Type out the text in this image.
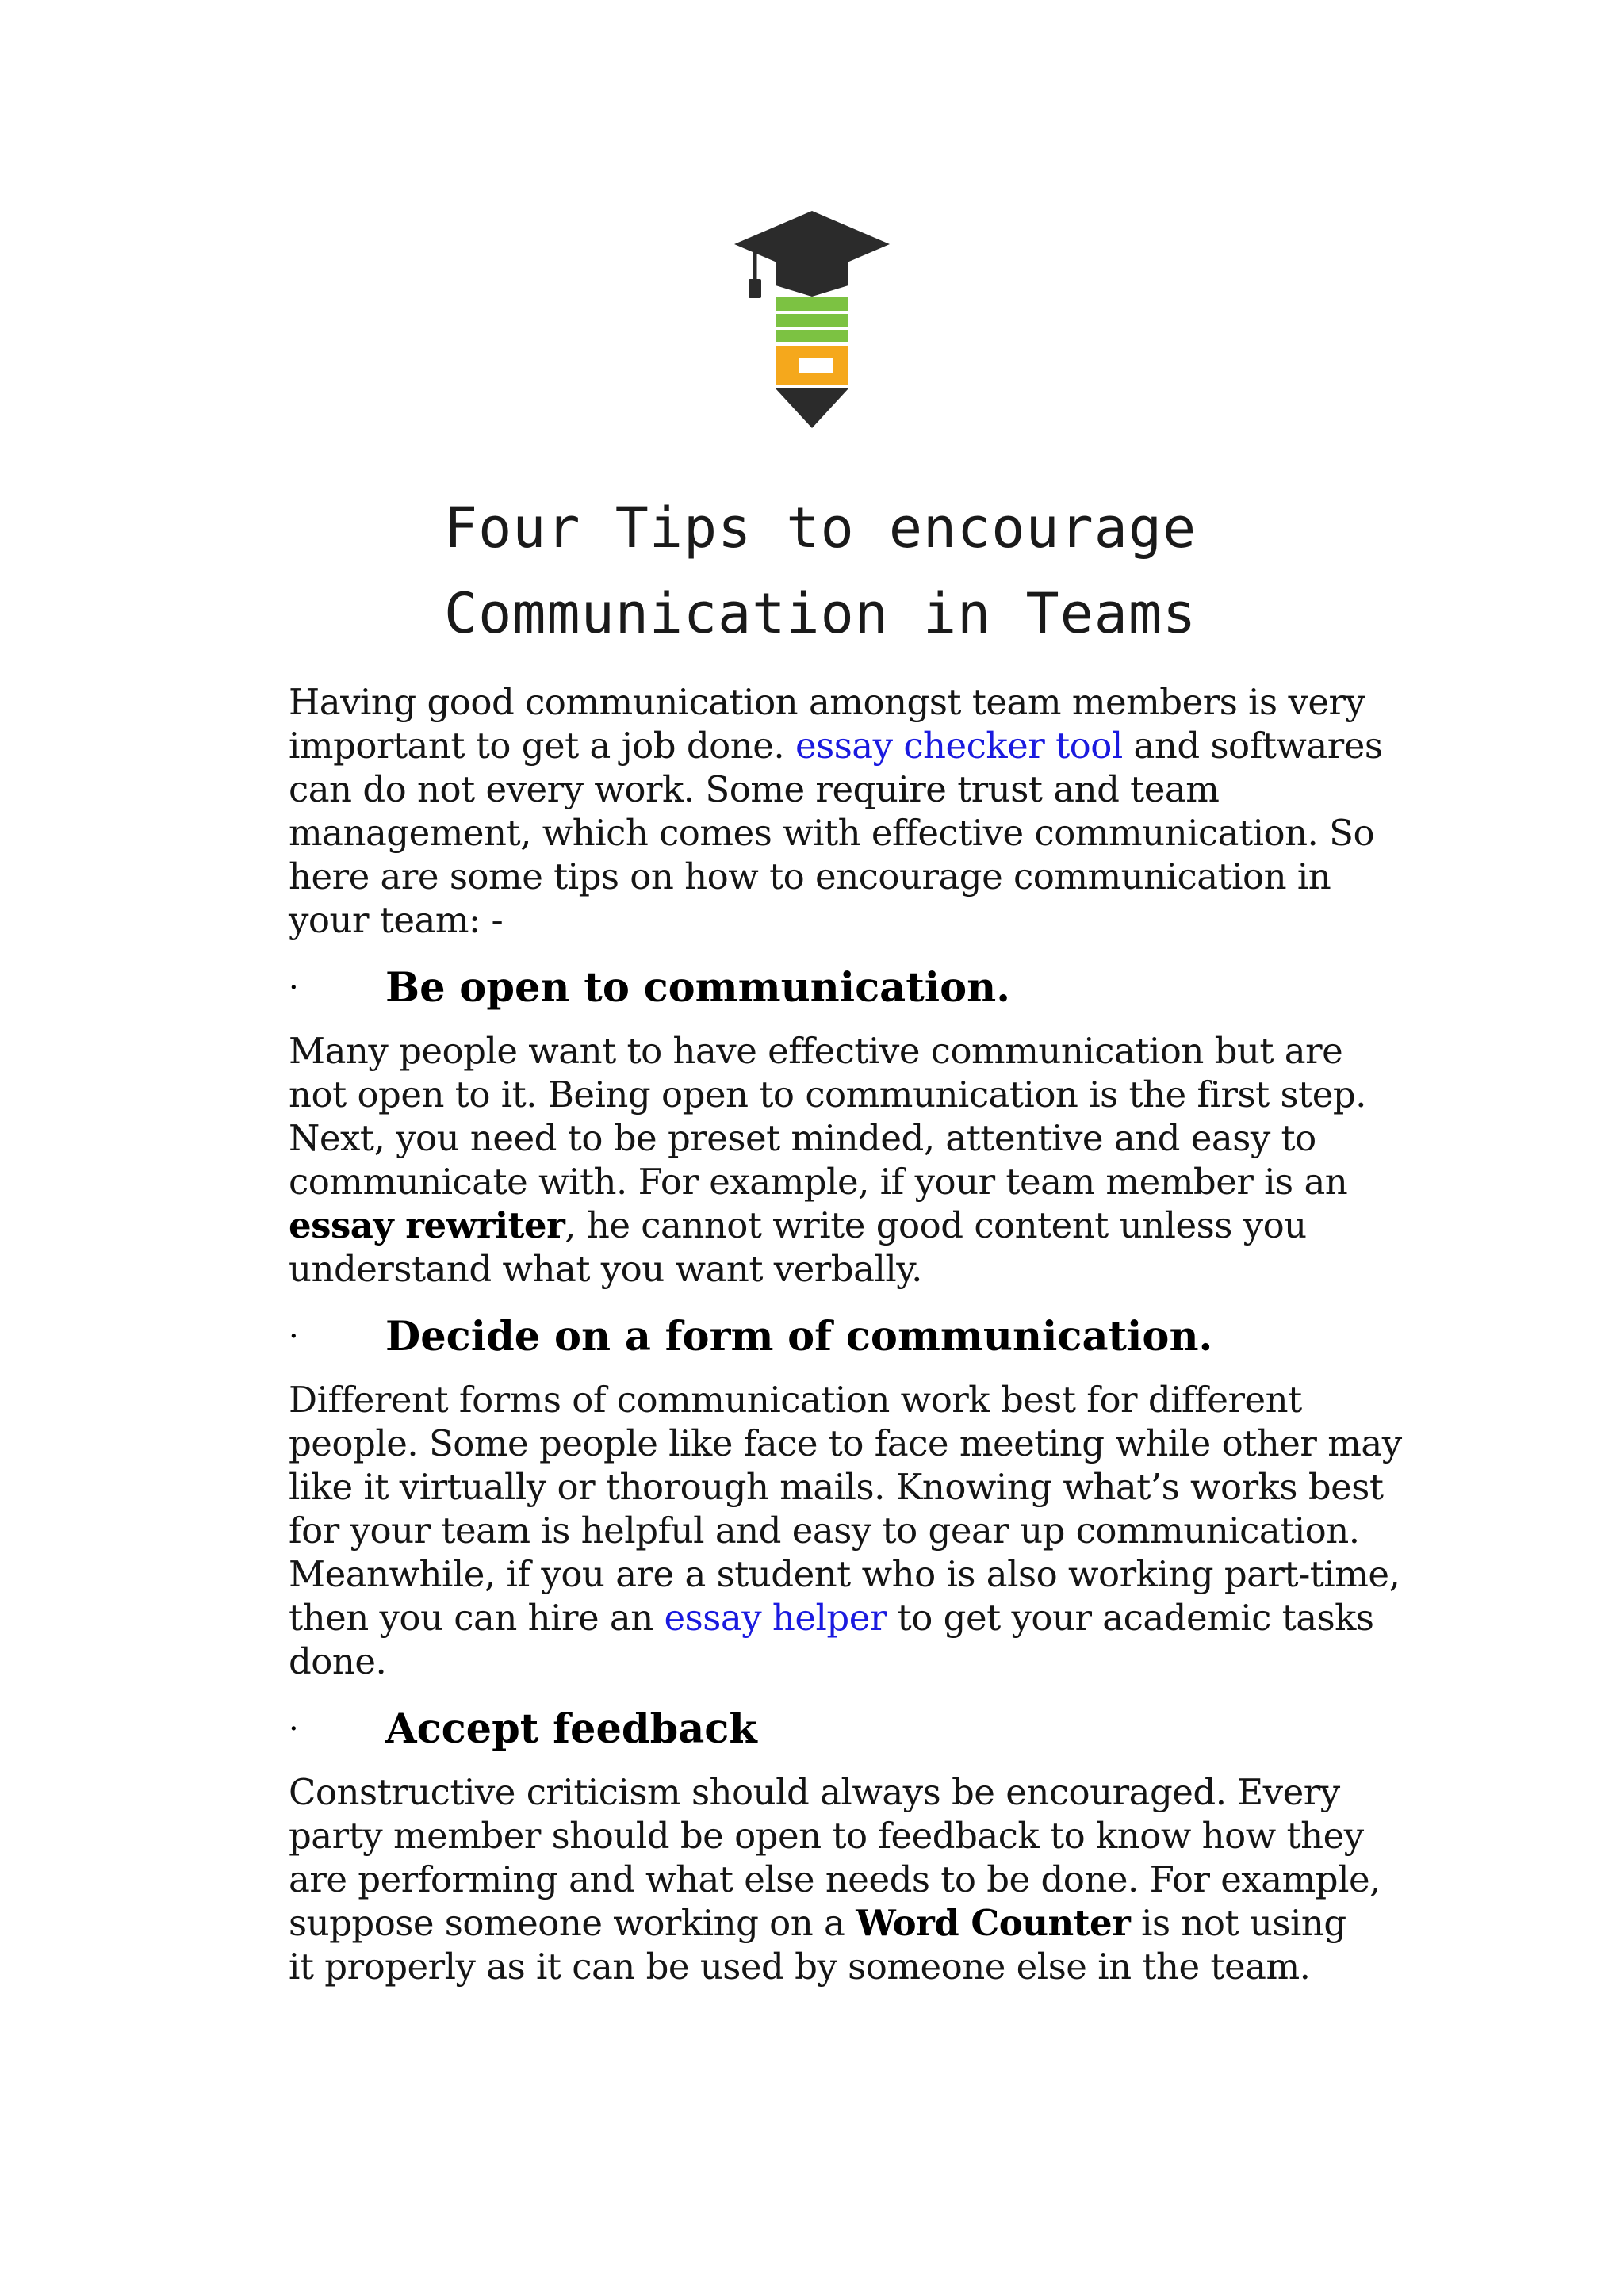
Four Tips to encourage
Communication in Teams

Having good communication amongst team members is very
important to get a job done. essay checker tool and softwares
can do not every work. Some require trust and team
management, which comes with effective communication. So
here are some tips on how to encourage communication in
your team: -

· Be open to communication.

Many people want to have effective communication but are
not open to it. Being open to communication is the first step.
Next, you need to be preset minded, attentive and easy to
communicate with. For example, if your team member is an
essay rewriter, he cannot write good content unless you
understand what you want verbally.

· Decide on a form of communication.

Different forms of communication work best for different
people. Some people like face to face meeting while other may
like it virtually or thorough mails. Knowing what’s works best
for your team is helpful and easy to gear up communication.
Meanwhile, if you are a student who is also working part-time,
then you can hire an essay helper to get your academic tasks
done.

· Accept feedback

Constructive criticism should always be encouraged. Every
party member should be open to feedback to know how they
are performing and what else needs to be done. For example,
suppose someone working on a Word Counter is not using
it properly as it can be used by someone else in the team.
